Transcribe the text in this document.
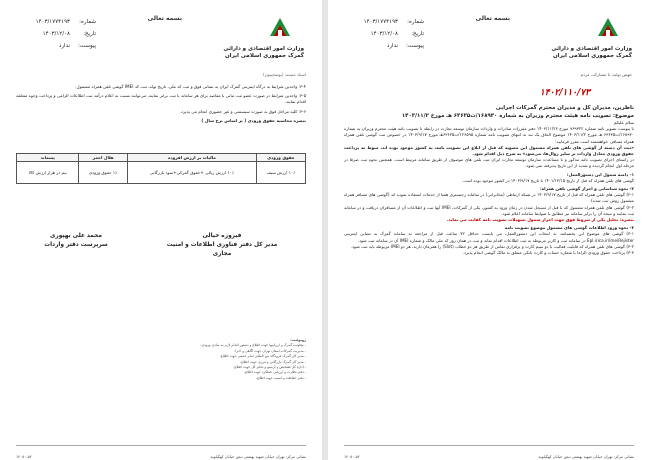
بسمه تعالی
وزارت امور اقتصادی و دارائی
گمرک جمهوری اسلامی ایران
شماره:
۱۴۰۳/۱۷۷۴۱۹۳
تاریخ:
۱۴۰۳/۱۲/۰۸
پیوست:
ندارد
اسناد مستند (یوشخیبون)
۳-۴: واجدین شرایط به درگاه اینترنتی گمرک ایران به نشانی فوق و ثبت کد ملی، تاریخ تولد، ثبت کد IMEI گوشی تلفن همراه مشمول.
۳-۵: واجدین شرایط در صورت عضو ثبت تبانی با مقاصد برای هر سامانه یا ثبت برابر نمایند، می‌توانند نسبت به اعلام درآمد ثبت اطلاعات الزامی و پرداخت وجوه متعلقه اقدام نمایند.
۳-۶: کلیه مراحل فوق به صورت سیستمی و غیر حضوری انجام می پذیرد.
تبصره محاسبه حقوق ورودی ( بر اساس نرخ سال )
حقوق ورودی	مالیات بر ارزش افزوده	هلال احمر	پسماند
۱۰٪ ارزش سیف	۱۰٪ ارزش ریالی +حقوق گمرکی+سود بازرگانی	۱٪ حقوق ورودی	نیم در هزار ارزش کالا
فیروزه خیالی
مدیر کل دفتر فناوری اطلاعات و امنیت مجازی
محمد علی بهپوری
سرپرست دفتر واردات
رونوشت:
- معاونت گمرک و ارزیابیها جهت اطلاع و دستور اقدام لازم به مبادی ورودی.
- مدیریت گمرکات استان تهران جهت آگاهی و اجرا.
- مدیر کل گمرک فرودگاه بین المللی امام خمینی جهت اطلاع.
- مدیر کل گمرک بازرگانی و مرزی جهت اطلاع.
- اداره کل تشخیص و آرشیو و دفاتر کل جهت اطلاع.
- دفتر نظارت و ارزیابی عملکرد جهت اطلاع.
- دفتر حفاظت و امنیت جهت اطلاع.
نشانی مرکز: تهران خیابان شهید بهشتی نبش خیابان کهگیلویه
۱۴۰۸۰-۵۲
بسمه تعالی
وزارت امور اقتصادی و دارائی
گمرک جمهوری اسلامی ایران
شماره:
۱۴۰۳/۱۷۷۴۱۹۳
تاریخ:
۱۴۰۳/۱۲/۰۸
پیوست:
ندارد
جهش تولید، با مشارکت مردم
۱۴۰۲/۱۱۰/۷۳
ناظرین، مدیران کل و مدیران محترم گمرکات اجرایی
موضوع: تصویب نامه هیئت محترم وزیران به شماره ۱۶۸۹۳۰/ت۶۳۶۳۵ هـ مورخ ۱۴۰۳/۱۱/۲
سلام علیکم
با پیوست تصویر نامه شماره ۹۶۹۳۲۲ مورخ ۱۴۰۳/۱۱/۲۶ دفتر مقررات صادرات و واردات سازمان توسعه تجارت در رابطه با تصویب نامه هیئت محترم وزیران به شماره ۱۶۸۹۳۰/ت۶۳۶۳۵ هـ مورخ ۱۴۰۳/۱۱/۲ موضوع الحاق یک بند به انتهای تصویب نامه شماره ۱۲۶۵۹۵/ت۶۳۶۳۵هـ مورخ ۱۴۰۳/۹/۱۷ در خصوص ثبت گوشی تلفن همراه همراه مسافر، خواهشمند است مقرر فرمایید:
«ثبت آن دسته از گوشی های تلفن همراه مشمول این مصوبه که قبل از ابلاغ این تصویب نامه، به کشور موجود بوده اند، منوط به پرداخت حقوق ورودی معادل واردات بر سایر روال‌ها، می‌شود» به شرح ذیل اقدام شود.
در راستای اجرای تصویب نامه مذکور و با مساعدت سازمان توسعه تجارت ایران ثبت تلفن های موصوف از طریق سامانه مرتبط است. همچنین نحوه ثبت صرفا در مرحله اول انجام گردیده و تمدید از این تاریخ پذیرفته نمی شود.
۱- دامنه شمول این دستورالعمل:
گوشی های تلفن همراه که قبل از تاریخ ۱۴۰۱/۱۲/۱۵ تا تاریخ ۱۴۰۳/۹/۱۷ در کشور موجود بوده است.
۲- نحوه شناسایی و احراز گوشی تلفن همراه:
۲-۱) گوشی های تلفن همراه که قبل از تاریخ ۱۴۰۳/۹/۱۷ در شبکه ارتباطی (مخابراتی) در سامانه رجیستری همتا از خدمات استفاده نموده اند (گوشی های مسافر همراه مشمول روش ثبت شده).
۲-۲) گوشی های تلفن همراه مشمول که با قبل از مسجل شدن در زمان ورود به کشور، یکی از گمرکات، IMEI آنها ثبت و اطلاعات آن از مسافران دریافت و در سامانه ثبت نمایند و نتیجه آن را برابر سامانه نیز مطابق با ضوابط سامانه اعلام شود.
تبصره: تحلیل یکی از شروط فوق جهت احراز شمول تسهیلات تصویب نامه کفایت می نماید.
۳- نحوه ورود اطلاعات گوشی های مشمول موضوع تصویب نامه
۳-۱) گوشی های موضوع این بخشنامه، به انتخاب این دستورالعمل، می بایست حداقل ۷۲ ساعت قبل از مراجعه به سامانه گمرک به نشانی اینترنتی Epl.irica.ir/imeiRejister در سامانه ثبت و کاربر مربوطه به ثبت اطلاعات اقدام نماید و ثبت در همان روز کد ملی مالک و شماره IMEI آن در سامانه ثبت شود.
۳-۲) گوشی های تلفن همراه که قابلیت فعالیت با دو سیم کارت و برقراری تماس از طریق هر دو خطاب (Slot) را همزمان دارند، هر دو IMEI مربوطه باید ثبت شود.
۳-۳) پرداخت حقوق ورودی الزاما با شماره حساب و کارت بانکی متعلق به مالک گوشی انجام پذیرد.
نشانی مرکز: تهران خیابان شهید بهشتی نبش خیابان کهگیلویه
۱۴۰۸۰-۵۲
